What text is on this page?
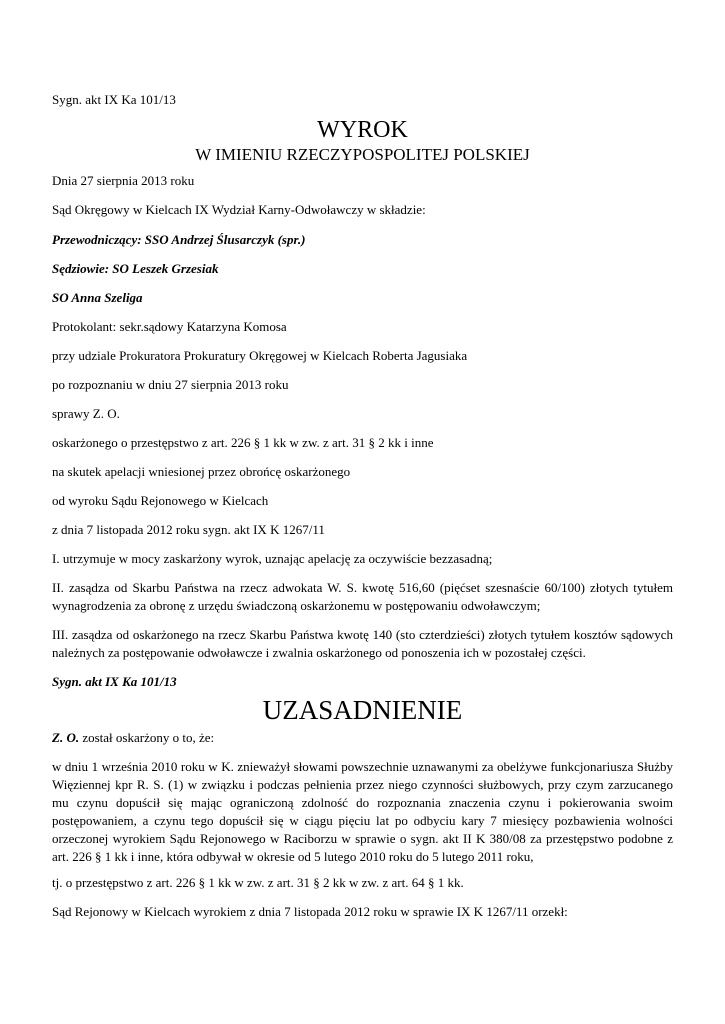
Sygn. akt IX Ka 101/13
WYROK
W IMIENIU RZECZYPOSPOLITEJ POLSKIEJ
Dnia 27 sierpnia 2013 roku
Sąd Okręgowy w Kielcach IX Wydział Karny-Odwoławczy w składzie:
Przewodniczący: SSO Andrzej Ślusarczyk (spr.)
Sędziowie: SO Leszek Grzesiak
SO Anna Szeliga
Protokolant: sekr.sądowy Katarzyna Komosa
przy udziale Prokuratora Prokuratury Okręgowej w Kielcach Roberta Jagusiaka
po rozpoznaniu w dniu 27 sierpnia 2013 roku
sprawy Z. O.
oskarżonego o przestępstwo z art. 226 § 1 kk w zw. z art. 31 § 2 kk i inne
na skutek apelacji wniesionej przez obrońcę oskarżonego
od wyroku Sądu Rejonowego w Kielcach
z dnia 7 listopada 2012 roku sygn. akt IX K 1267/11
I. utrzymuje w mocy zaskarżony wyrok, uznając apelację za oczywiście bezzasadną;
II. zasądza od Skarbu Państwa na rzecz adwokata W. S. kwotę 516,60 (pięćset szesnaście 60/100) złotych tytułem wynagrodzenia za obronę z urzędu świadczoną oskarżonemu w postępowaniu odwoławczym;
III. zasądza od oskarżonego na rzecz Skarbu Państwa kwotę 140 (sto czterdzieści) złotych tytułem kosztów sądowych należnych za postępowanie odwoławcze i zwalnia oskarżonego od ponoszenia ich w pozostałej części.
Sygn. akt IX Ka 101/13
UZASADNIENIE
Z. O. został oskarżony o to, że:
w dniu 1 września 2010 roku w K. znieważył słowami powszechnie uznawanymi za obelżywe funkcjonariusza Służby Więziennej kpr R. S. (1) w związku i podczas pełnienia przez niego czynności służbowych, przy czym zarzucanego mu czynu dopuścił się mając ograniczoną zdolność do rozpoznania znaczenia czynu i pokierowania swoim postępowaniem, a czynu tego dopuścił się w ciągu pięciu lat po odbyciu kary 7 miesięcy pozbawienia wolności orzeczonej wyrokiem Sądu Rejonowego w Raciborzu w sprawie o sygn. akt II K 380/08 za przestępstwo podobne z art. 226 § 1 kk i inne, która odbywał w okresie od 5 lutego 2010 roku do 5 lutego 2011 roku,
tj. o przestępstwo z art. 226 § 1 kk w zw. z art. 31 § 2 kk w zw. z art. 64 § 1 kk.
Sąd Rejonowy w Kielcach wyrokiem z dnia 7 listopada 2012 roku w sprawie IX K 1267/11 orzekł:
